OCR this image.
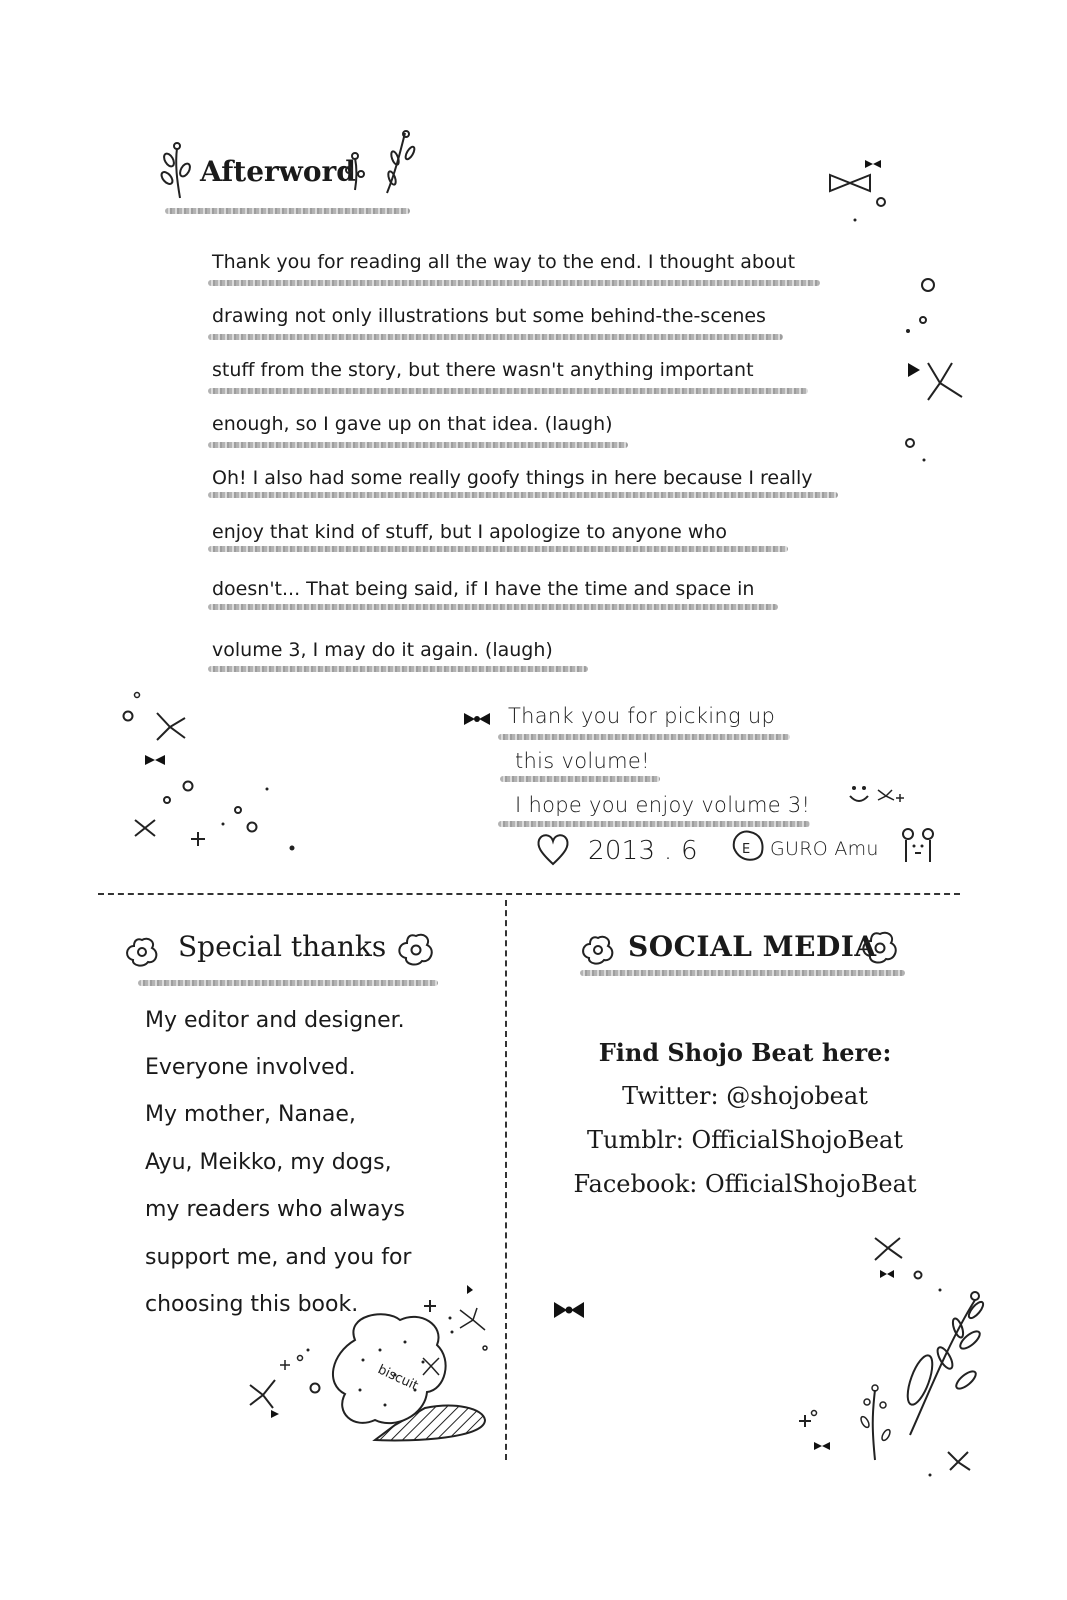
Afterword
Thank you for reading all the way to the end. I thought about
drawing not only illustrations but some behind-the-scenes
stuff from the story, but there wasn't anything important
enough, so I gave up on that idea. (laugh)
Oh! I also had some really goofy things in here because I really
enjoy that kind of stuff, but I apologize to anyone who
doesn't... That being said, if I have the time and space in
volume 3, I may do it again. (laugh)
Thank you for picking up
this volume!
I hope you enjoy volume 3!
2013 . 6	E GURO Amu
Special thanks
My editor and designer.
Everyone involved.
My mother, Nanae,
Ayu, Meikko, my dogs,
my readers who always
support me, and you for
choosing this book.
biscuit
SOCIAL MEDIA
Find Shojo Beat here:
Twitter: @shojobeat
Tumblr: OfficialShojoBeat
Facebook: OfficialShojoBeat
